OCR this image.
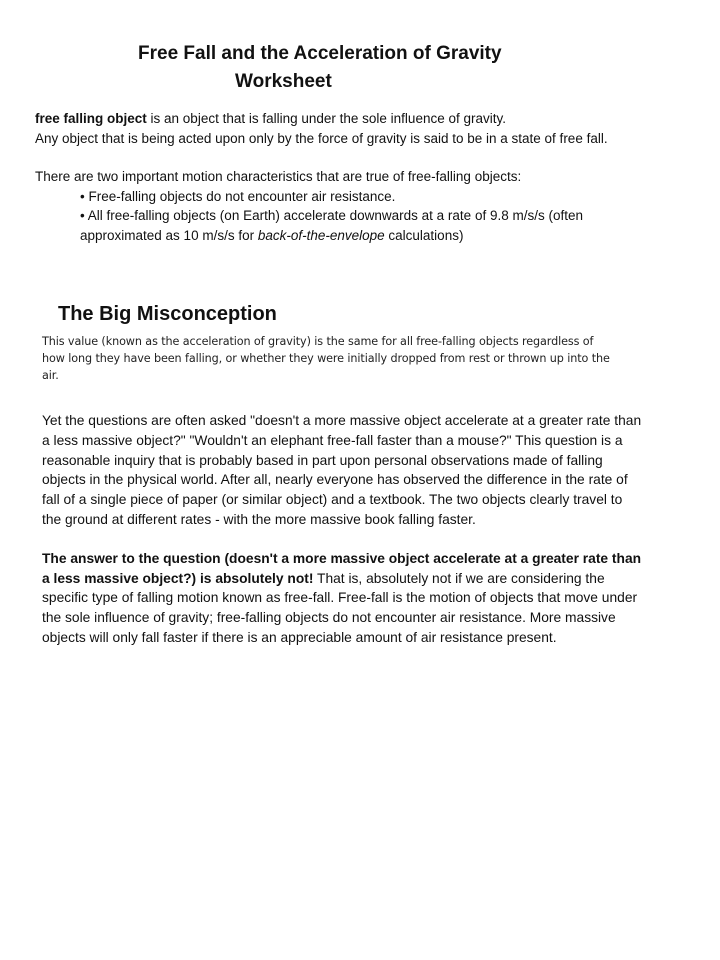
Free Fall and the Acceleration of Gravity
Worksheet

free falling object is an object that is falling under the sole influence of gravity.

Any object that is being acted upon only by the force of gravity is said to be in a state of free fall.

There are two important motion characteristics that are true of free-falling objects:

• Free-falling objects do not encounter air resistance.
• All free-falling objects (on Earth) accelerate downwards at a rate of 9.8 m/s/s (often approximated as 10 m/s/s for back-of-the-envelope calculations)
The Big Misconception
This value (known as the acceleration of gravity) is the same for all free-falling objects regardless of how long they have been falling, or whether they were initially dropped from rest or thrown up into the air.

Yet the questions are often asked "doesn't a more massive object accelerate at a greater rate than a less massive object?" "Wouldn't an elephant free-fall faster than a mouse?" This question is a reasonable inquiry that is probably based in part upon personal observations made of falling objects in the physical world. After all, nearly everyone has observed the difference in the rate of fall of a single piece of paper (or similar object) and a textbook. The two objects clearly travel to the ground at different rates - with the more massive book falling faster.

The answer to the question (doesn't a more massive object accelerate at a greater rate than a less massive object?) is absolutely not! That is, absolutely not if we are considering the specific type of falling motion known as free-fall. Free-fall is the motion of objects that move under the sole influence of gravity; free-falling objects do not encounter air resistance. More massive objects will only fall faster if there is an appreciable amount of air resistance present.
